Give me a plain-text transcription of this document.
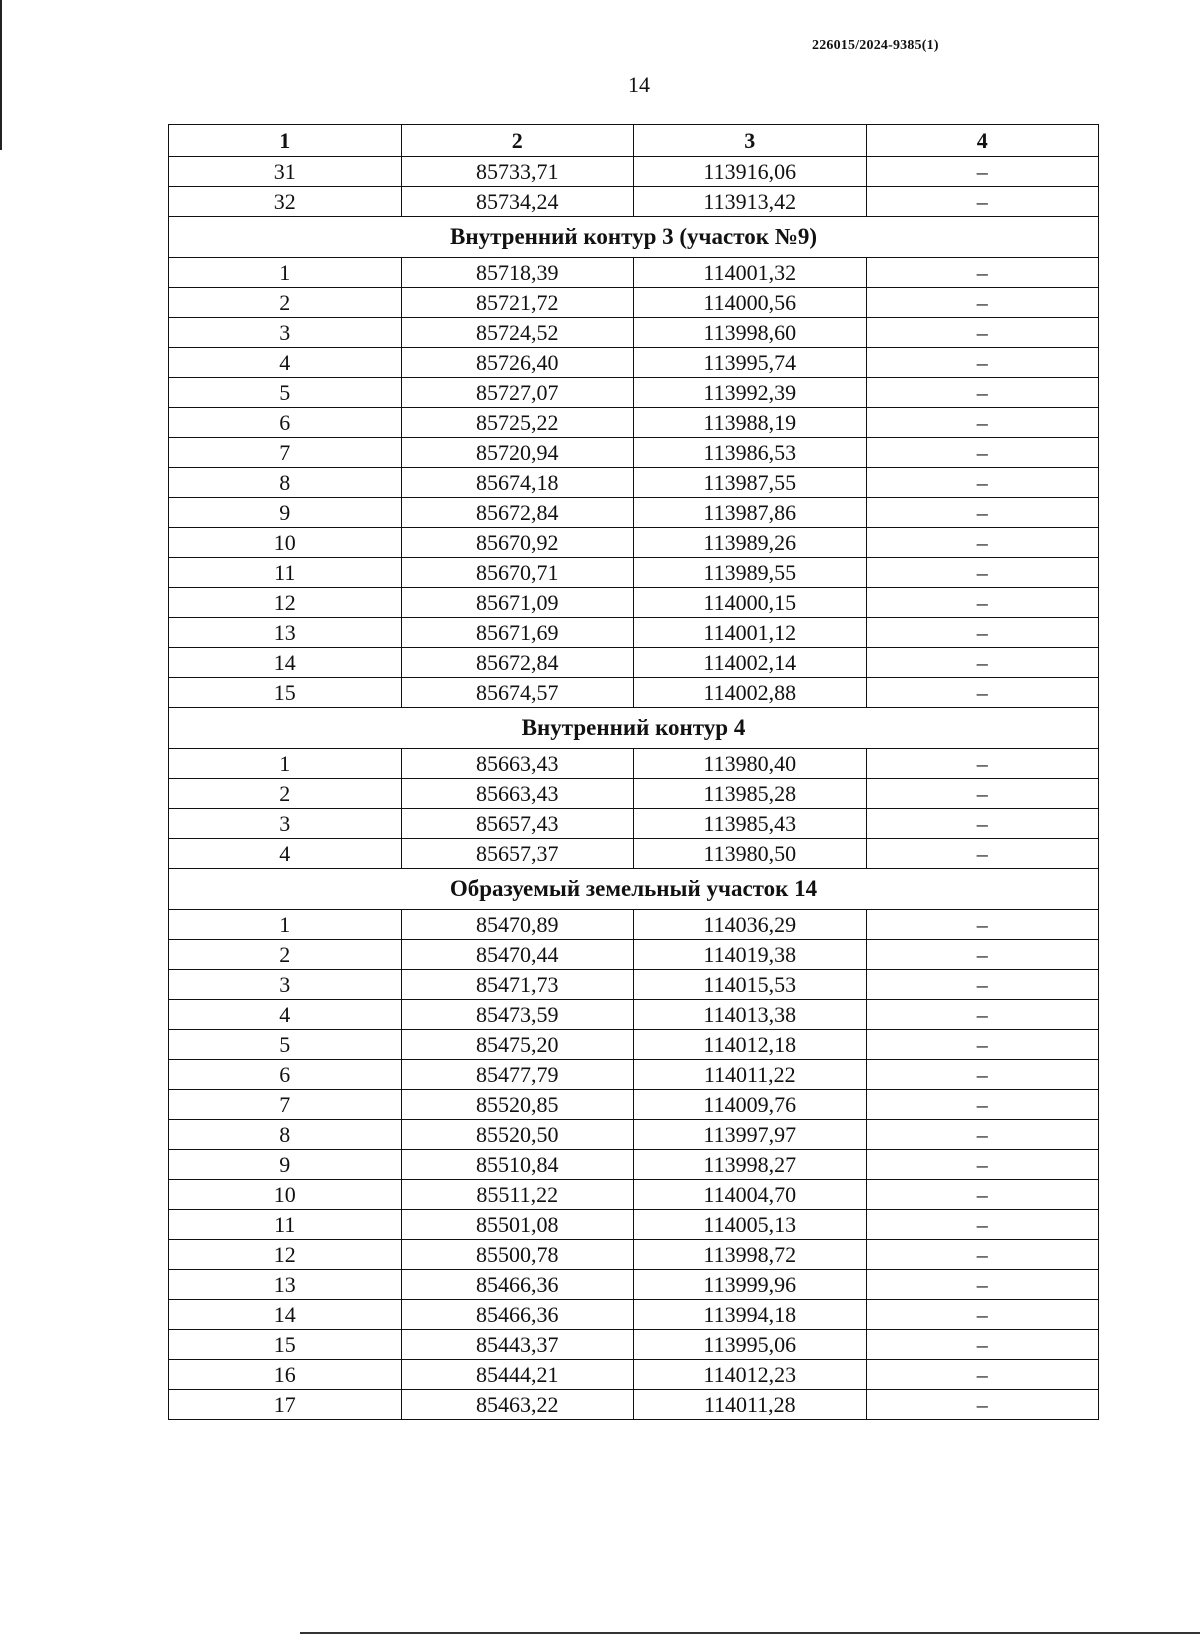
226015/2024-9385(1)
14
1	2	3	4
31	85733,71	113916,06	–
32	85734,24	113913,42	–
Внутренний контур 3 (участок №9)			
1	85718,39	114001,32	–
2	85721,72	114000,56	–
3	85724,52	113998,60	–
4	85726,40	113995,74	–
5	85727,07	113992,39	–
6	85725,22	113988,19	–
7	85720,94	113986,53	–
8	85674,18	113987,55	–
9	85672,84	113987,86	–
10	85670,92	113989,26	–
11	85670,71	113989,55	–
12	85671,09	114000,15	–
13	85671,69	114001,12	–
14	85672,84	114002,14	–
15	85674,57	114002,88	–
Внутренний контур 4			
1	85663,43	113980,40	–
2	85663,43	113985,28	–
3	85657,43	113985,43	–
4	85657,37	113980,50	–
Образуемый земельный участок 14			
1	85470,89	114036,29	–
2	85470,44	114019,38	–
3	85471,73	114015,53	–
4	85473,59	114013,38	–
5	85475,20	114012,18	–
6	85477,79	114011,22	–
7	85520,85	114009,76	–
8	85520,50	113997,97	–
9	85510,84	113998,27	–
10	85511,22	114004,70	–
11	85501,08	114005,13	–
12	85500,78	113998,72	–
13	85466,36	113999,96	–
14	85466,36	113994,18	–
15	85443,37	113995,06	–
16	85444,21	114012,23	–
17	85463,22	114011,28	–
